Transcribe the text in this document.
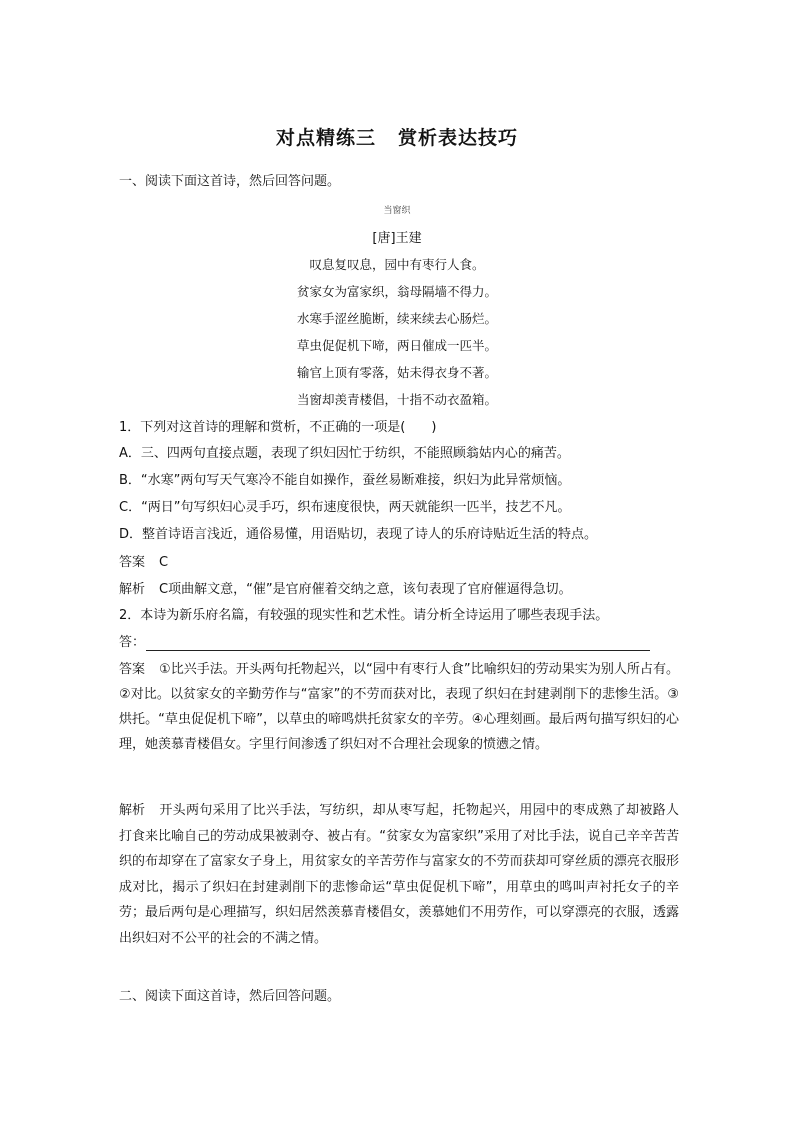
对点精练三 赏析表达技巧
一、阅读下面这首诗，然后回答问题。
当窗织
[唐]王建
叹息复叹息，园中有枣行人食。
贫家女为富家织，翁母隔墙不得力。
水寒手涩丝脆断，续来续去心肠烂。
草虫促促机下啼，两日催成一匹半。
输官上顶有零落，姑未得衣身不著。
当窗却羡青楼倡，十指不动衣盈箱。
1．下列对这首诗的理解和赏析，不正确的一项是(　　)
A．三、四两句直接点题，表现了织妇因忙于纺织，不能照顾翁姑内心的痛苦。
B．“水寒”两句写天气寒冷不能自如操作，蚕丝易断难接，织妇为此异常烦恼。
C．“两日”句写织妇心灵手巧，织布速度很快，两天就能织一匹半，技艺不凡。
D．整首诗语言浅近，通俗易懂，用语贴切，表现了诗人的乐府诗贴近生活的特点。
答案 C
解析 C项曲解文意，“催”是官府催着交纳之意，该句表现了官府催逼得急切。
2．本诗为新乐府名篇，有较强的现实性和艺术性。请分析全诗运用了哪些表现手法。
答：
答案 ①比兴手法。开头两句托物起兴，以“园中有枣行人食”比喻织妇的劳动果实为别人所占有。②对比。以贫家女的辛勤劳作与“富家”的不劳而获对比，表现了织妇在封建剥削下的悲惨生活。③烘托。“草虫促促机下啼”，以草虫的啼鸣烘托贫家女的辛劳。④心理刻画。最后两句描写织妇的心理，她羡慕青楼倡女。字里行间渗透了织妇对不合理社会现象的愤懑之情。
解析 开头两句采用了比兴手法，写纺织，却从枣写起，托物起兴，用园中的枣成熟了却被路人打食来比喻自己的劳动成果被剥夺、被占有。“贫家女为富家织”采用了对比手法，说自己辛辛苦苦织的布却穿在了富家女子身上，用贫家女的辛苦劳作与富家女的不劳而获却可穿丝质的漂亮衣服形成对比，揭示了织妇在封建剥削下的悲惨命运“草虫促促机下啼”，用草虫的鸣叫声衬托女子的辛劳；最后两句是心理描写，织妇居然羡慕青楼倡女，羡慕她们不用劳作，可以穿漂亮的衣服，透露出织妇对不公平的社会的不满之情。
二、阅读下面这首诗，然后回答问题。
